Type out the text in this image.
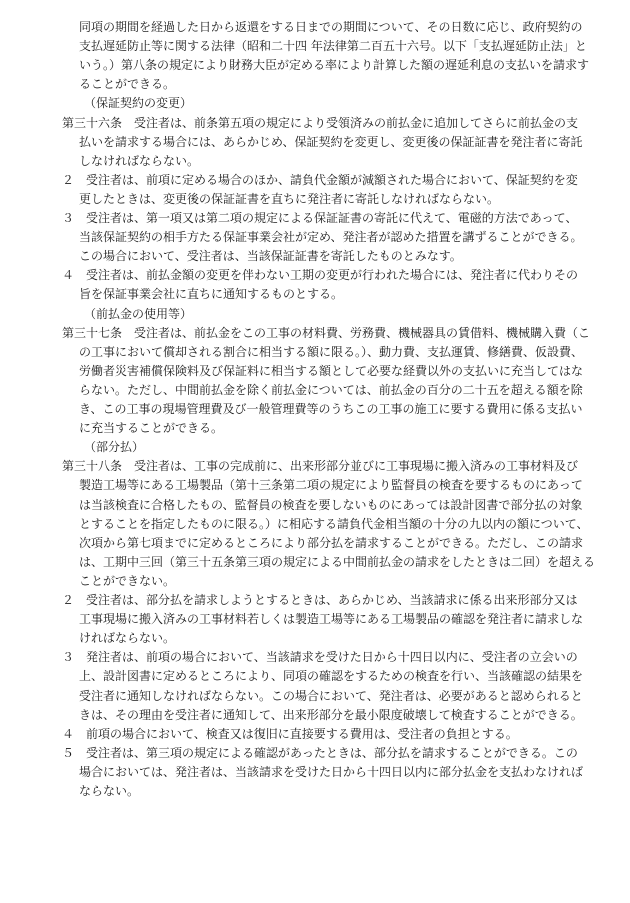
同項の期間を経過した日から返還をする日までの期間について、その日数に応じ、政府契約の
支払遅延防止等に関する法律（昭和二十四 年法律第二百五十六号。以下「支払遅延防止法」と
いう。）第八条の規定により財務大臣が定める率により計算した額の遅延利息の支払いを請求す
ることができる。
（保証契約の変更）
第三十六条　受注者は、前条第五項の規定により受領済みの前払金に追加してさらに前払金の支
払いを請求する場合には、あらかじめ、保証契約を変更し、変更後の保証証書を発注者に寄託
しなければならない。
２　受注者は、前項に定める場合のほか、請負代金額が減額された場合において、保証契約を変
更したときは、変更後の保証証書を直ちに発注者に寄託しなければならない。
３　受注者は、第一項又は第二項の規定による保証証書の寄託に代えて、電磁的方法であって、
当該保証契約の相手方たる保証事業会社が定め、発注者が認めた措置を講ずることができる。
この場合において、受注者は、当該保証証書を寄託したものとみなす。
４　受注者は、前払金額の変更を伴わない工期の変更が行われた場合には、発注者に代わりその
旨を保証事業会社に直ちに通知するものとする。
（前払金の使用等）
第三十七条　受注者は、前払金をこの工事の材料費、労務費、機械器具の賃借料、機械購入費（こ
の工事において償却される割合に相当する額に限る。）、動力費、支払運賃、修繕費、仮設費、
労働者災害補償保険料及び保証料に相当する額として必要な経費以外の支払いに充当してはな
らない。ただし、中間前払金を除く前払金については、前払金の百分の二十五を超える額を除
き、この工事の現場管理費及び一般管理費等のうちこの工事の施工に要する費用に係る支払い
に充当することができる。
（部分払）
第三十八条　受注者は、工事の完成前に、出来形部分並びに工事現場に搬入済みの工事材料及び
製造工場等にある工場製品（第十三条第二項の規定により監督員の検査を要するものにあって
は当該検査に合格したもの、監督員の検査を要しないものにあっては設計図書で部分払の対象
とすることを指定したものに限る。）に相応する請負代金相当額の十分の九以内の額について、
次項から第七項までに定めるところにより部分払を請求することができる。ただし、この請求
は、工期中三回（第三十五条第三項の規定による中間前払金の請求をしたときは二回）を超える
ことができない。
２　受注者は、部分払を請求しようとするときは、あらかじめ、当該請求に係る出来形部分又は
工事現場に搬入済みの工事材料若しくは製造工場等にある工場製品の確認を発注者に請求しな
ければならない。
３　発注者は、前項の場合において、当該請求を受けた日から十四日以内に、受注者の立会いの
上、設計図書に定めるところにより、同項の確認をするための検査を行い、当該確認の結果を
受注者に通知しなければならない。この場合において、発注者は、必要があると認められると
きは、その理由を受注者に通知して、出来形部分を最小限度破壊して検査することができる。
４　前項の場合において、検査又は復旧に直接要する費用は、受注者の負担とする。
５　受注者は、第三項の規定による確認があったときは、部分払を請求することができる。この
場合においては、発注者は、当該請求を受けた日から十四日以内に部分払金を支払わなければ
ならない。
